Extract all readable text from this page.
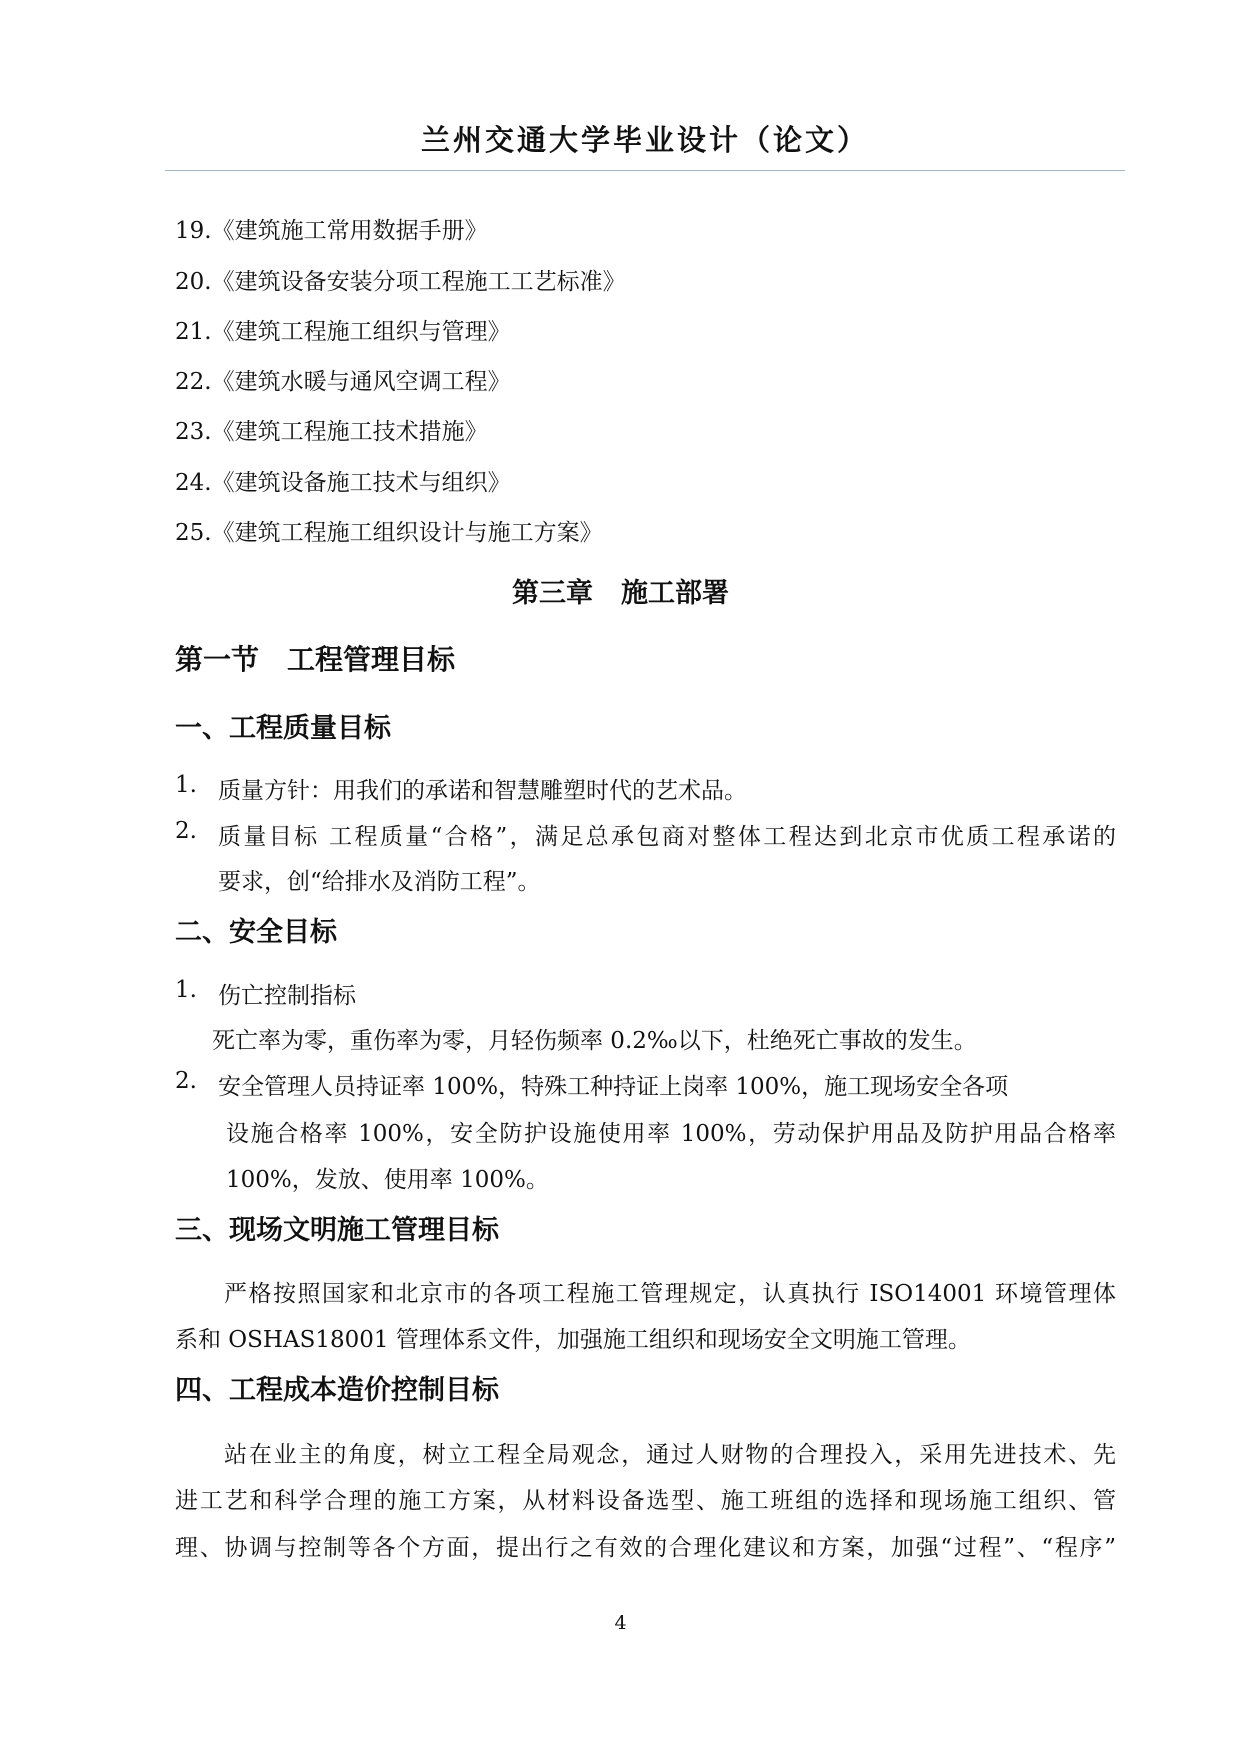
兰州交通大学毕业设计（论文）
19.《建筑施工常用数据手册》
20.《建筑设备安装分项工程施工工艺标准》
21.《建筑工程施工组织与管理》
22.《建筑水暖与通风空调工程》
23.《建筑工程施工技术措施》
24.《建筑设备施工技术与组织》
25.《建筑工程施工组织设计与施工方案》
第三章 施工部署
第一节 工程管理目标
一、工程质量目标
1. 质量方针：用我们的承诺和智慧雕塑时代的艺术品。
2. 质量目标 工程质量“合格”，满足总承包商对整体工程达到北京市优质工程承诺的
要求，创“给排水及消防工程”。
二、安全目标
1. 伤亡控制指标
死亡率为零，重伤率为零，月轻伤频率 0.2‰以下，杜绝死亡事故的发生。
2. 安全管理人员持证率 100%，特殊工种持证上岗率 100%，施工现场安全各项
设施合格率 100%，安全防护设施使用率 100%，劳动保护用品及防护用品合格率
100%，发放、使用率 100%。
三、现场文明施工管理目标
严格按照国家和北京市的各项工程施工管理规定，认真执行 ISO14001 环境管理体
系和 OSHAS18001 管理体系文件，加强施工组织和现场安全文明施工管理。
四、工程成本造价控制目标
站在业主的角度，树立工程全局观念，通过人财物的合理投入，采用先进技术、先
进工艺和科学合理的施工方案，从材料设备选型、施工班组的选择和现场施工组织、管
理、协调与控制等各个方面，提出行之有效的合理化建议和方案，加强“过程”、“程序”
4
